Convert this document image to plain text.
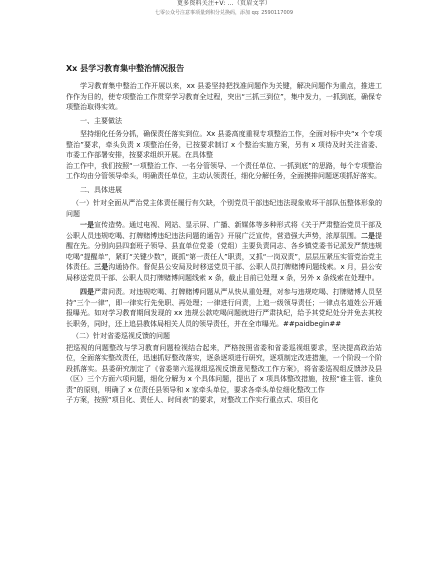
更多资料关注+V: ...（页眉文字）
七零公众号注意事项量到积分兑换码，添加 qq: 2590117009
Xx 县学习教育集中整治情况报告

学习教育集中整治工作开展以来，xx 县委坚持把找准问题作为关键，解决问题作为重点，推进工作作为目的，使专项整治工作贯穿学习教育全过程，突出“三抓三到位”，集中发力，一抓到底，确保专项整治取得实效。

一、主要做法

坚持细化任务分抓，确保责任落实到位。Xx 县委高度重视专项整治工作，全面对标中央“x 个专项整治”要求，牵头负责 x 项整治任务，已按要求制订 x 个整治实施方案，另有 x 项待及时关注省委、市委工作部署安排，按要求组织开展。在具体整

治工作中，我们按照“一项整治工作、一名分管领导、一个责任单位、一抓到底”的思路，每个专项整治工作均由分管领导牵头，明确责任单位，主动认领责任，细化分解任务，全面摸排问题逐项抓好落实。

二、具体进展

（一）针对全面从严治党主体责任履行有欠缺，个别党员干部违纪违法现象败坏干部队伍整体形象的问题

一是宣传造势。通过电视、网站、显示屏、广播、新媒体等多种形式将《关于严肃整治党员干部及公职人员违规吃喝、打牌赌博违纪违法问题的通告》开展广泛宣传，营造强大声势，浓厚氛围。二是提醒在先。分别向县四套班子领导、县直单位党委（党组）主要负责同志、各乡镇党委书记派发严禁违规吃喝“提醒单”，紧盯“关键少数”，既抓“第一责任人”职责，又抓“一岗双责”，层层压紧压实管党治党主体责任。三是沟通协作。督促县公安局及时移送党员干部、公职人员打牌赌博问题线索。x 月，县公安局移送党员干部、公职人员打牌赌博问题线索 x 条，截止目前已处理 x 条，另外 x 条线索在处理中。

四是严肃问责。对违规吃喝、打牌赌博问题从严从快从重处理，对参与违规吃喝、打牌赌博人员坚持“三个一律”，即一律实行先免职、再处理；一律进行问责，上追一级领导责任；一律点名道姓公开通报曝光。如对学习教育期间发现的 xx 违规公款吃喝问题就进行严肃执纪，给予其党纪处分并免去其校长职务，同时，还上追县教体局相关人员的领导责任，并在全市曝光。##paidbegin##

（二）针对省委巡视反馈的问题

把巡视的问题整改与学习教育问题检视结合起来，严格按照省委和省委巡视组要求，坚决提高政治站位，全面落实整改责任，迅速抓好整改落实，逐条逐项进行研究，逐项制定改进措施，一个阶段一个阶段抓落实。县委研究制定了《省委第六巡视组巡视反馈意见整改工作方案》，将省委巡视组反馈涉及县（区）三个方面六项问题，细化分解为 x 个具体问题，提出了 x 项具体整改措施，按照“谁主管、谁负责”的原则，明确了 x 位责任县领导和 x 家牵头单位，要求各牵头单位细化整改工作

子方案，按照“项目化、责任人、时间表”的要求，对整改工作实行重点式、项目化
